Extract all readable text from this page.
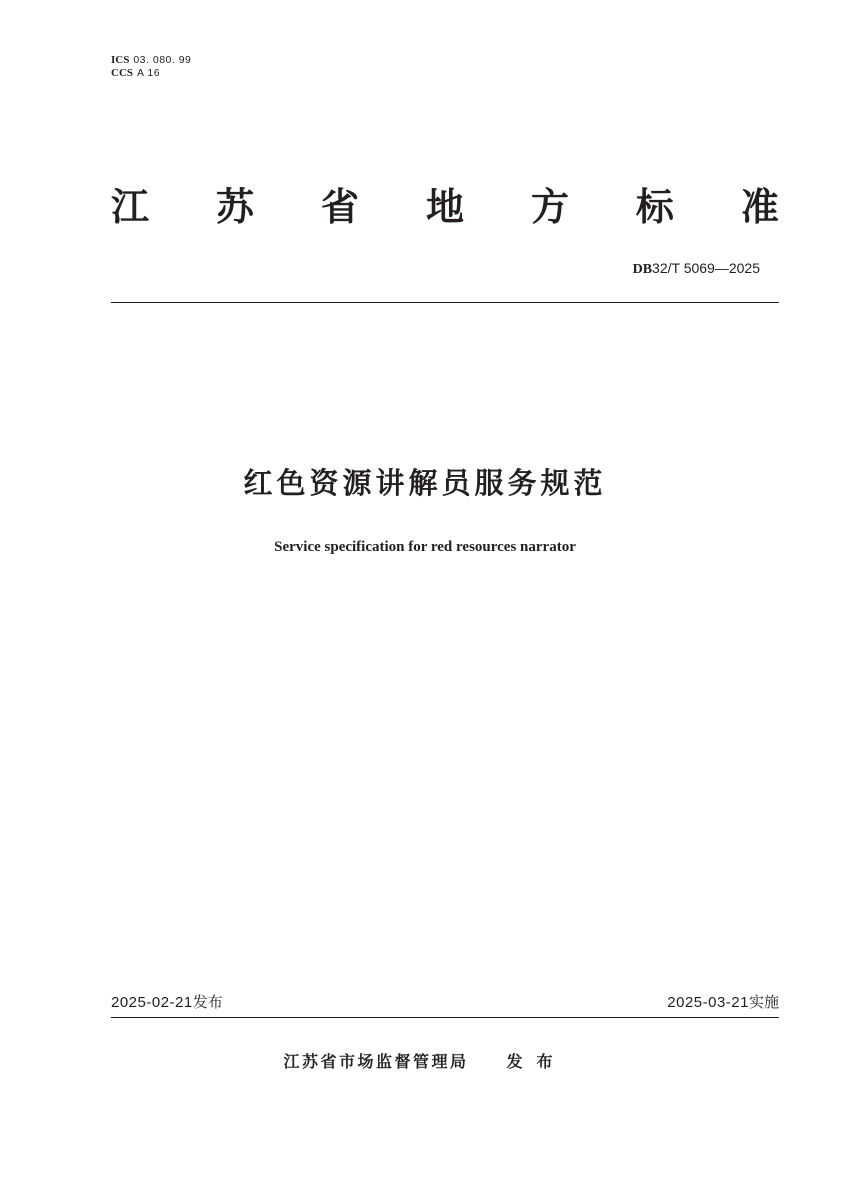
ICS 03. 080. 99
CCS A 16
江 苏 省 地 方 标 准
DB32/T 5069—2025
红色资源讲解员服务规范
Service specification for red resources narrator
2025-02-21发布	2025-03-21实施
江苏省市场监督管理局 发布
